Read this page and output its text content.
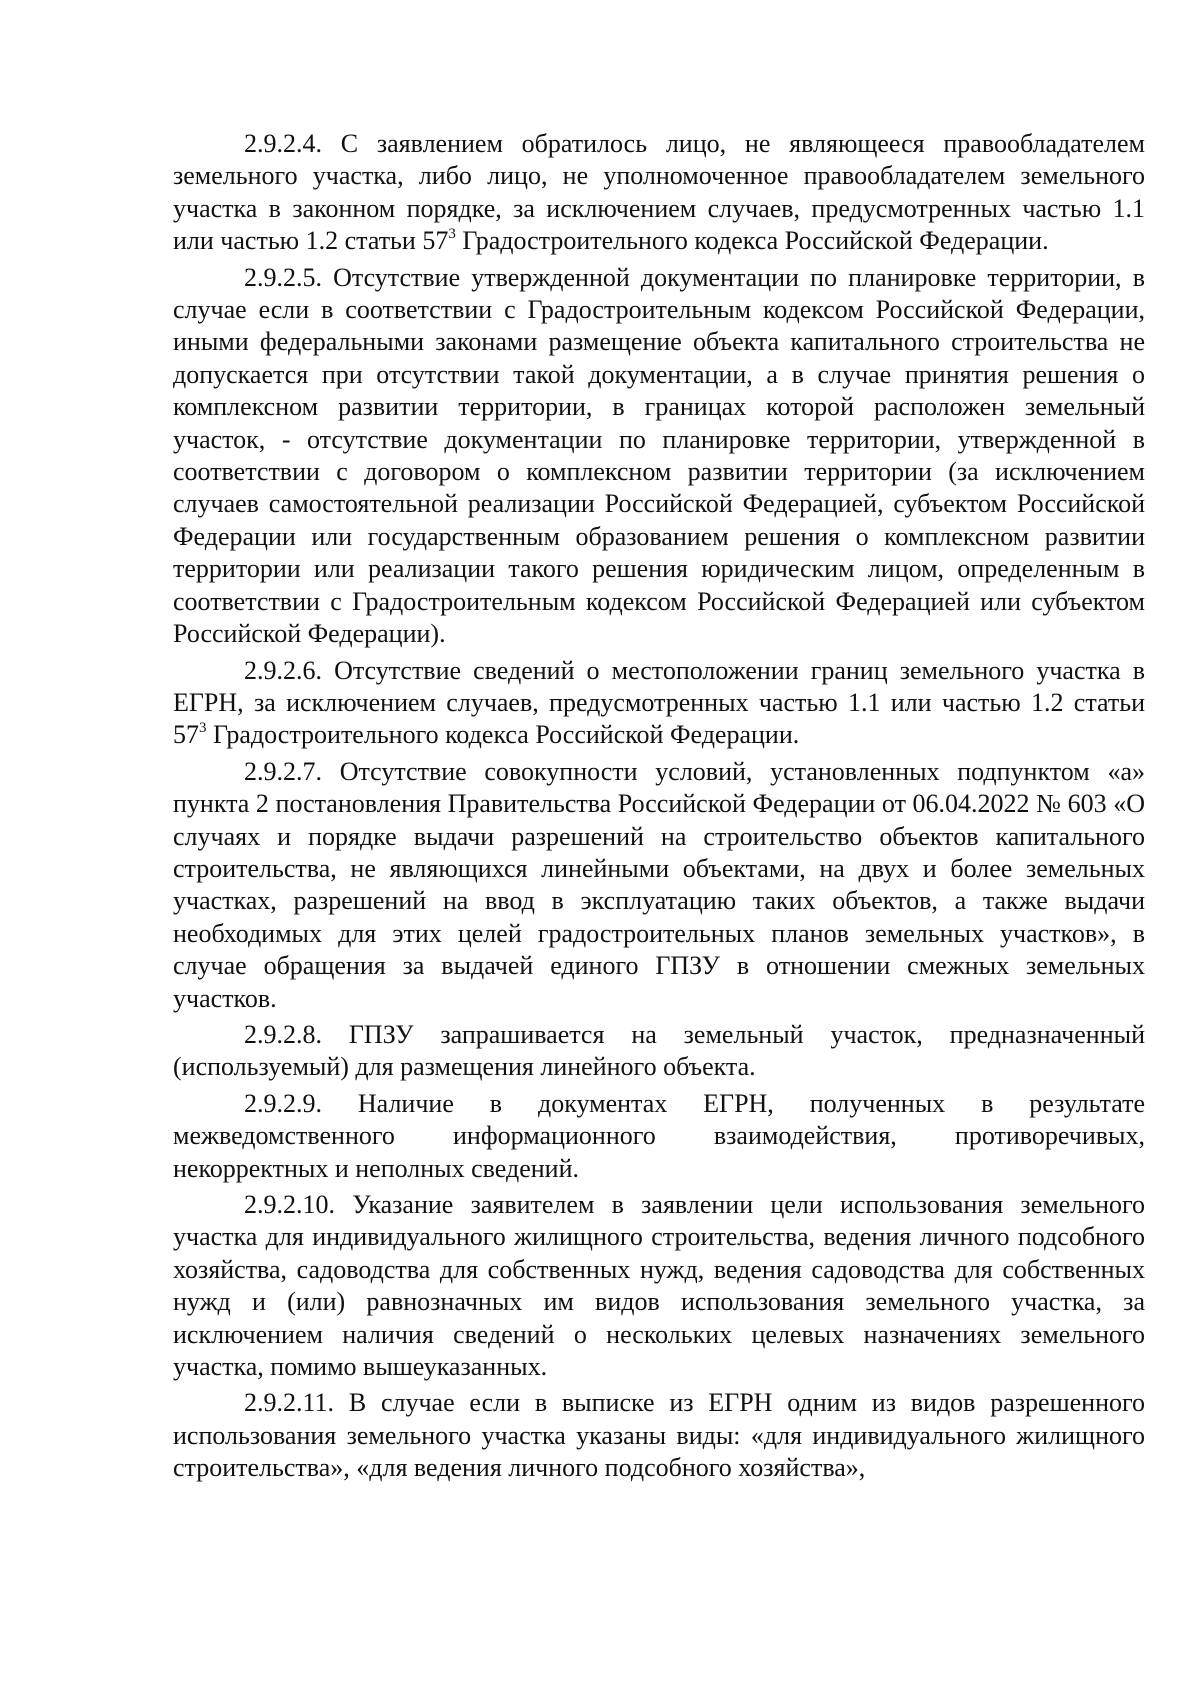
2.9.2.4. С заявлением обратилось лицо, не являющееся правообладателем земельного участка, либо лицо, не уполномоченное правообладателем земельного участка в законном порядке, за исключением случаев, предусмотренных частью 1.1 или частью 1.2 статьи $57^3$ Градостроительного кодекса Российской Федерации.

2.9.2.5. Отсутствие утвержденной документации по планировке территории, в случае если в соответствии с Градостроительным кодексом Российской Федерации, иными федеральными законами размещение объекта капитального строительства не допускается при отсутствии такой документации, а в случае принятия решения о комплексном развитии территории, в границах которой расположен земельный участок, - отсутствие документации по планировке территории, утвержденной в соответствии с договором о комплексном развитии территории (за исключением случаев самостоятельной реализации Российской Федерацией, субъектом Российской Федерации или государственным образованием решения о комплексном развитии территории или реализации такого решения юридическим лицом, определенным в соответствии с Градостроительным кодексом Российской Федерацией или субъектом Российской Федерации).

2.9.2.6. Отсутствие сведений о местоположении границ земельного участка в ЕГРН, за исключением случаев, предусмотренных частью 1.1 или частью 1.2 статьи $57^3$ Градостроительного кодекса Российской Федерации.

2.9.2.7. Отсутствие совокупности условий, установленных подпунктом «а» пункта 2 постановления Правительства Российской Федерации от 06.04.2022 № 603 «О случаях и порядке выдачи разрешений на строительство объектов капитального строительства, не являющихся линейными объектами, на двух и более земельных участках, разрешений на ввод в эксплуатацию таких объектов, а также выдачи необходимых для этих целей градостроительных планов земельных участков», в случае обращения за выдачей единого ГПЗУ в отношении смежных земельных участков.

2.9.2.8. ГПЗУ запрашивается на земельный участок, предназначенный (используемый) для размещения линейного объекта.

2.9.2.9. Наличие в документах ЕГРН, полученных в результате межведомственного информационного взаимодействия, противоречивых, некорректных и неполных сведений.

2.9.2.10. Указание заявителем в заявлении цели использования земельного участка для индивидуального жилищного строительства, ведения личного подсобного хозяйства, садоводства для собственных нужд, ведения садоводства для собственных нужд и (или) равнозначных им видов использования земельного участка, за исключением наличия сведений о нескольких целевых назначениях земельного участка, помимо вышеуказанных.

2.9.2.11. В случае если в выписке из ЕГРН одним из видов разрешенного использования земельного участка указаны виды: «для индивидуального жилищного строительства», «для ведения личного подсобного хозяйства»,
